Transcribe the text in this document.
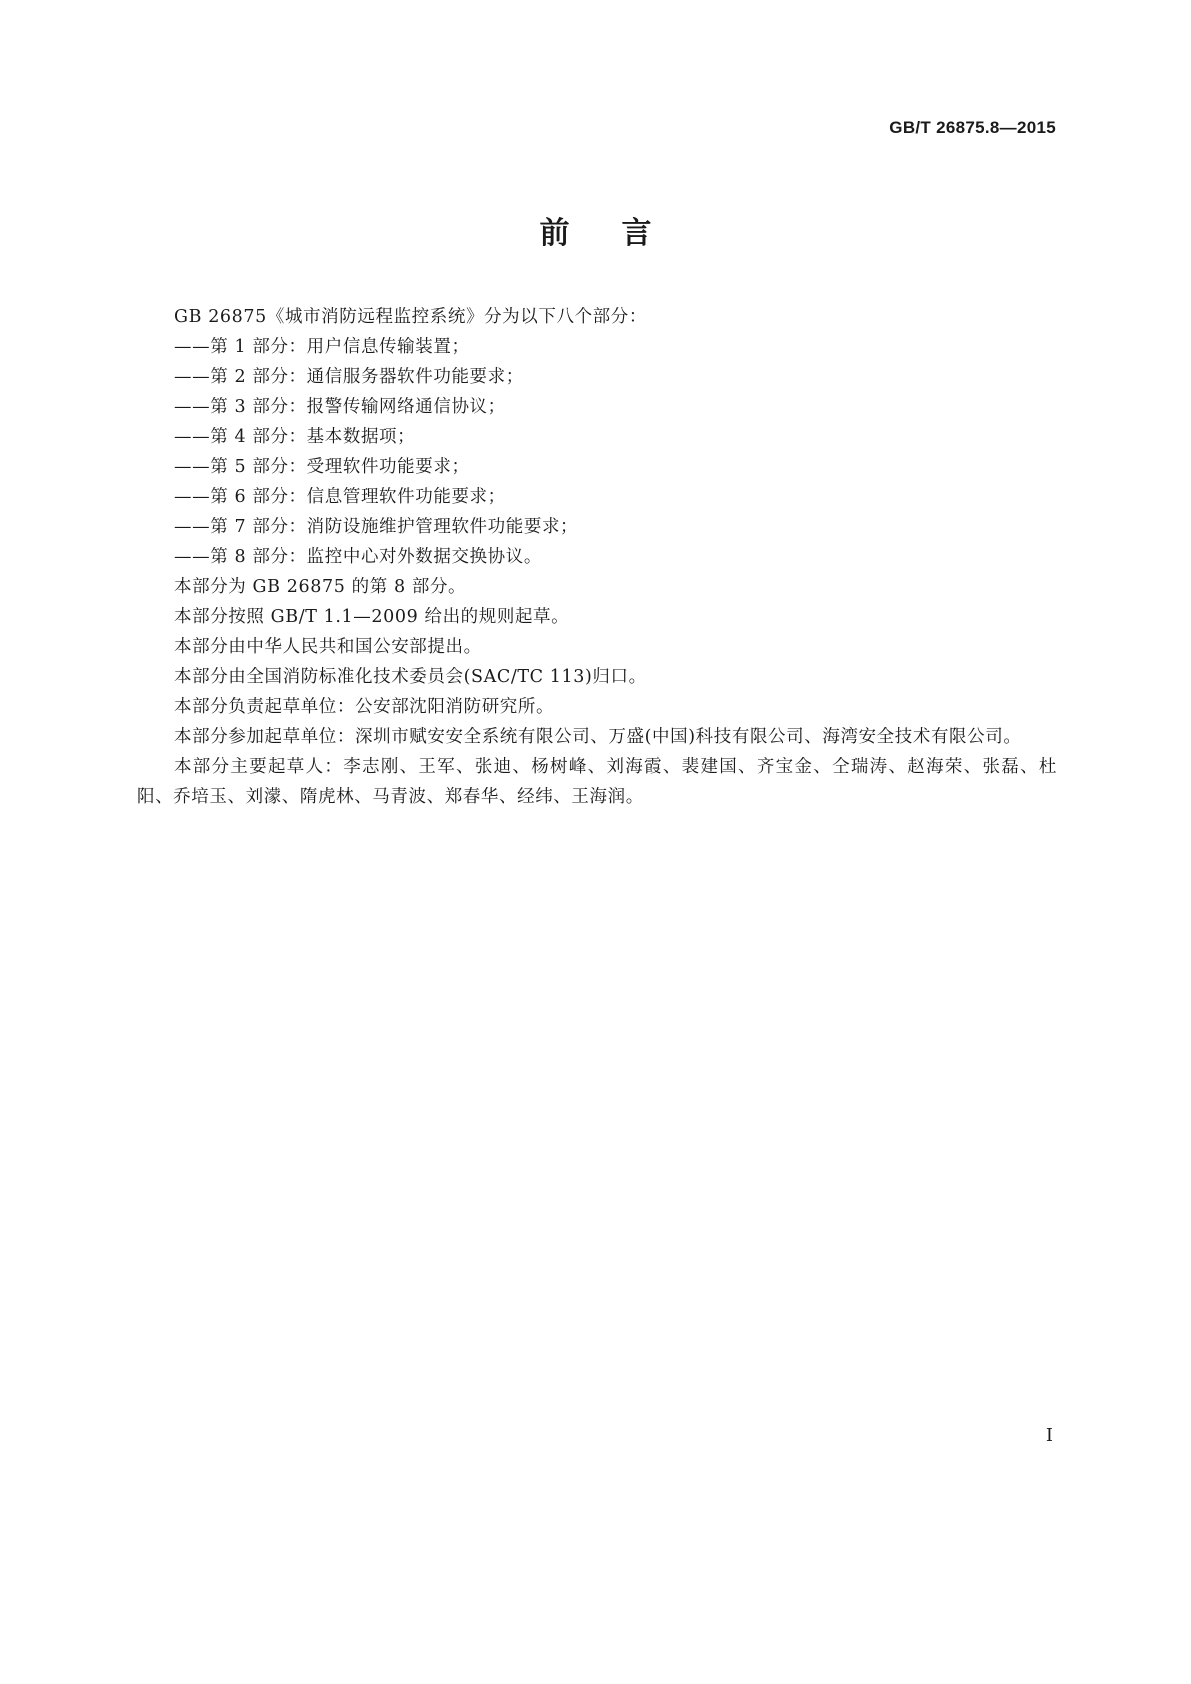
GB/T 26875.8—2015
前言

GB 26875《城市消防远程监控系统》分为以下八个部分：

——第 1 部分：用户信息传输装置；

——第 2 部分：通信服务器软件功能要求；

——第 3 部分：报警传输网络通信协议；

——第 4 部分：基本数据项；

——第 5 部分：受理软件功能要求；

——第 6 部分：信息管理软件功能要求；

——第 7 部分：消防设施维护管理软件功能要求；

——第 8 部分：监控中心对外数据交换协议。

本部分为 GB 26875 的第 8 部分。

本部分按照 GB/T 1.1—2009 给出的规则起草。

本部分由中华人民共和国公安部提出。

本部分由全国消防标准化技术委员会(SAC/TC 113)归口。

本部分负责起草单位：公安部沈阳消防研究所。

本部分参加起草单位：深圳市赋安安全系统有限公司、万盛(中国)科技有限公司、海湾安全技术有限公司。

本部分主要起草人：李志刚、王军、张迪、杨树峰、刘海霞、裴建国、齐宝金、仝瑞涛、赵海荣、张磊、杜阳、乔培玉、刘濛、隋虎林、马青波、郑春华、经纬、王海润。

I
